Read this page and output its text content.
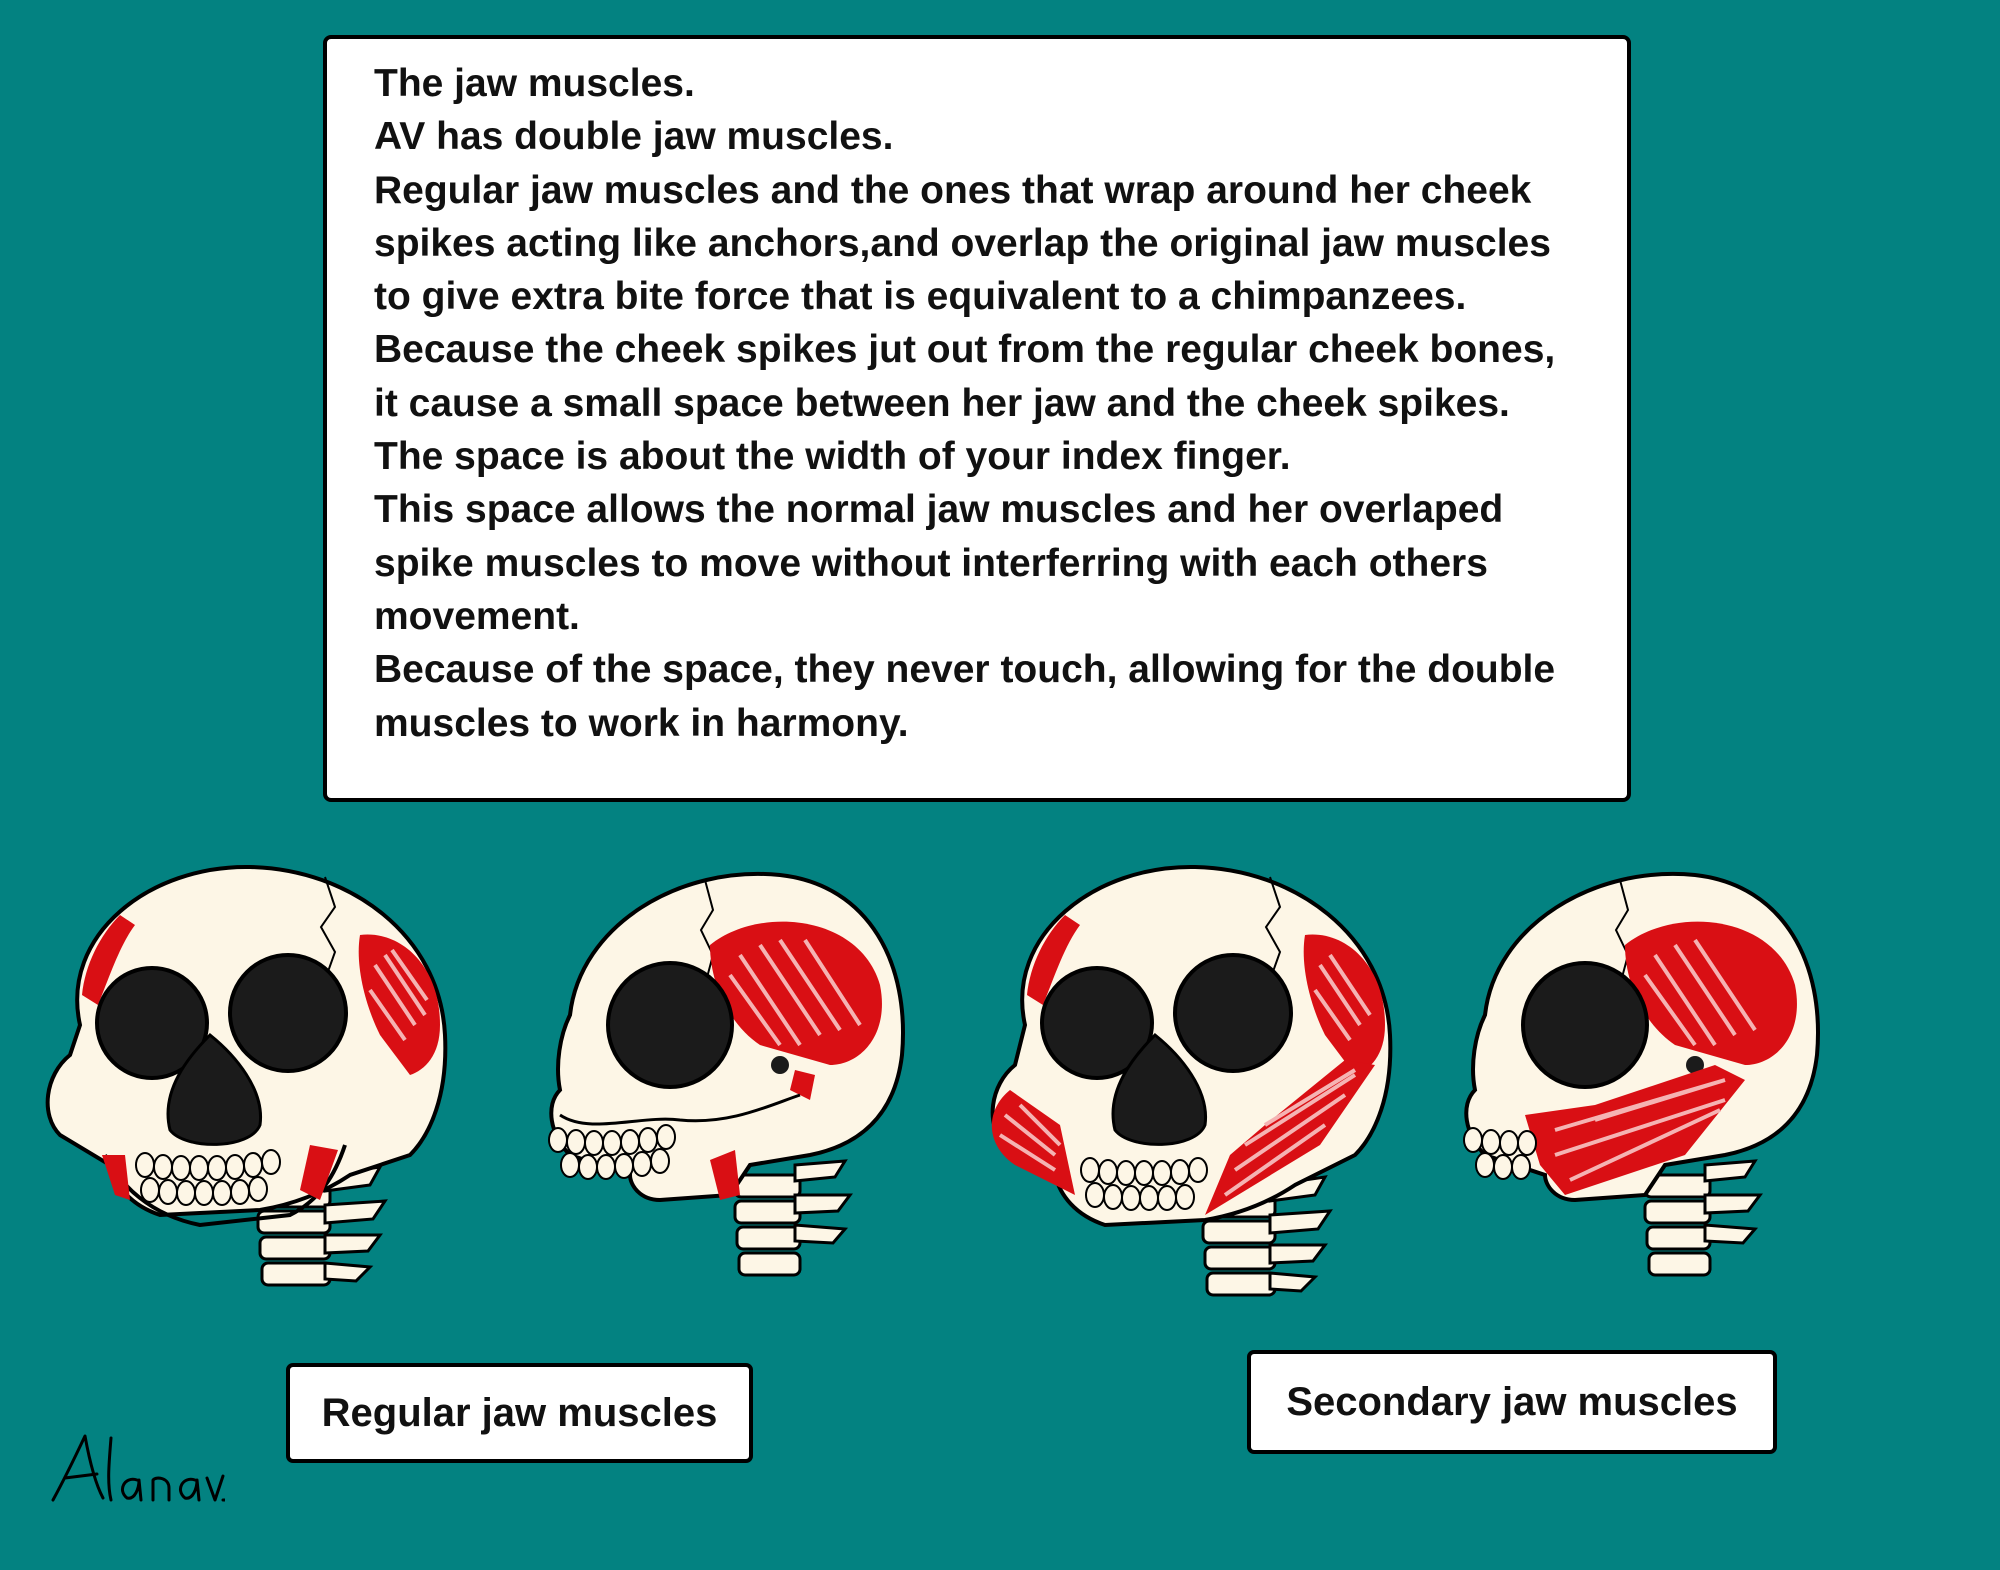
The jaw muscles.
AV has double jaw muscles.
Regular jaw muscles and the ones that wrap around her cheek
spikes acting like anchors,and overlap the original jaw muscles
to give extra bite force that is equivalent to a chimpanzees.
Because the cheek spikes jut out from the regular cheek bones,
it cause a small space between her jaw and the cheek spikes.
The space is about the width of your index finger.
This space allows the normal jaw muscles and her overlaped
spike muscles to move without interferring with each others
movement.
Because of the space, they never touch, allowing for the double
muscles to work in harmony.
Regular jaw muscles	Secondary jaw muscles
